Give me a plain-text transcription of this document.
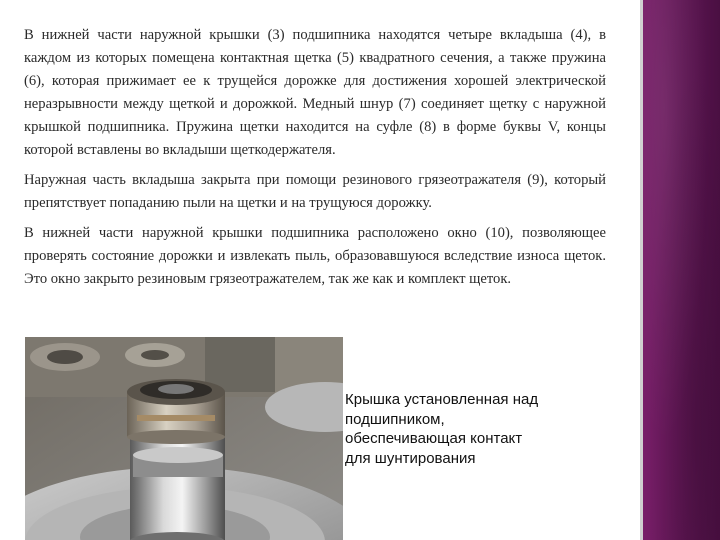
В нижней части наружной крышки (3) подшипника находятся четыре вкладыша (4), в каждом из которых помещена контактная щетка (5) квадратного сечения, а также пружина (6), которая прижимает ее к трущейся дорожке для достижения хорошей электрической неразрывности между щеткой и дорожкой. Медный шнур (7) соединяет щетку с наружной крышкой подшипника. Пружина щетки находится на суфле (8) в форме буквы V, концы которой вставлены во вкладыши щеткодержателя.

Наружная часть вкладыша закрыта при помощи резинового грязеотражателя (9), который препятствует попаданию пыли на щетки и на трущуюся дорожку.

В нижней части наружной крышки подшипника расположено окно (10), позволяющее проверять состояние дорожки и извлекать пыль, образовавшуюся вследствие износа щеток. Это окно закрыто резиновым грязеотражателем, так же как и комплект щеток.

Крышка установленная над
подшипником,
обеспечивающая контакт
для шунтирования
